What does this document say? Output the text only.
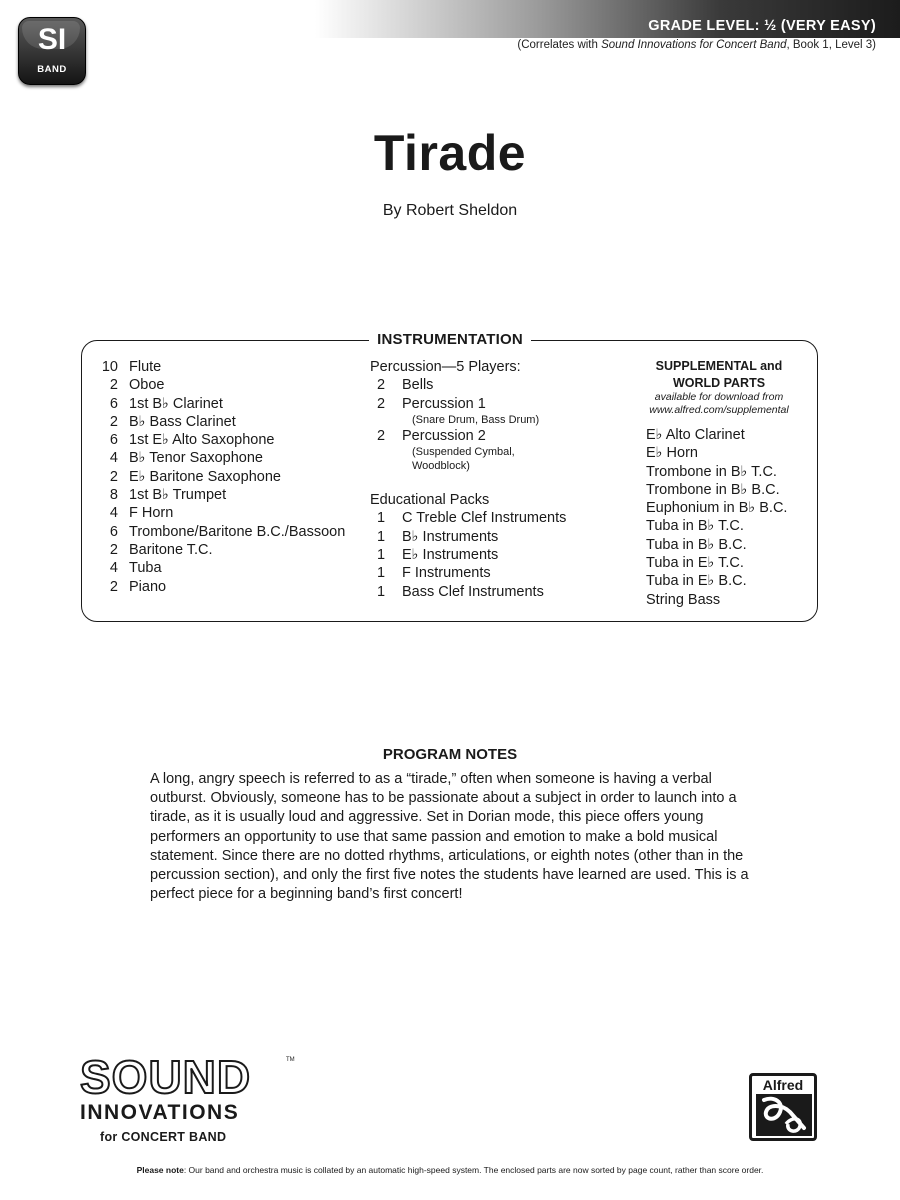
GRADE LEVEL: ½ (VERY EASY)
(Correlates with Sound Innovations for Concert Band, Book 1, Level 3)
SI
BAND
Tirade
By Robert Sheldon
INSTRUMENTATION
10 Flute
2 Oboe
6 1st B♭ Clarinet
2 B♭ Bass Clarinet
6 1st E♭ Alto Saxophone
4 B♭ Tenor Saxophone
2 E♭ Baritone Saxophone
8 1st B♭ Trumpet
4 F Horn
6 Trombone/Baritone B.C./Bassoon
2 Baritone T.C.
4 Tuba
2 Piano
Percussion—5 Players:
2	Bells
2	Percussion 1
(Snare Drum, Bass Drum)
2	Percussion 2
(Suspended Cymbal,
Woodblock)
Educational Packs
1	C Treble Clef Instruments
1	B♭ Instruments
1	E♭ Instruments
1	F Instruments
1	Bass Clef Instruments
SUPPLEMENTAL and
WORLD PARTS
available for download from
www.alfred.com/supplemental
E♭ Alto Clarinet
E♭ Horn
Trombone in B♭ T.C.
Trombone in B♭ B.C.
Euphonium in B♭ B.C.
Tuba in B♭ T.C.
Tuba in B♭ B.C.
Tuba in E♭ T.C.
Tuba in E♭ B.C.
String Bass
PROGRAM NOTES
A long, angry speech is referred to as a “tirade,” often when someone is having a verbal outburst. Obviously, someone has to be passionate about a subject in order to launch into a tirade, as it is usually loud and aggressive. Set in Dorian mode, this piece offers young performers an opportunity to use that same passion and emotion to make a bold musical statement. Since there are no dotted rhythms, articulations, or eighth notes (other than in the percussion section), and only the first five notes the students have learned are used. This is a perfect piece for a beginning band’s first concert!
SOUND	TM
INNOVATIONS
for CONCERT BAND
Alfred
Please note: Our band and orchestra music is collated by an automatic high-speed system. The enclosed parts are now sorted by page count, rather than score order.
